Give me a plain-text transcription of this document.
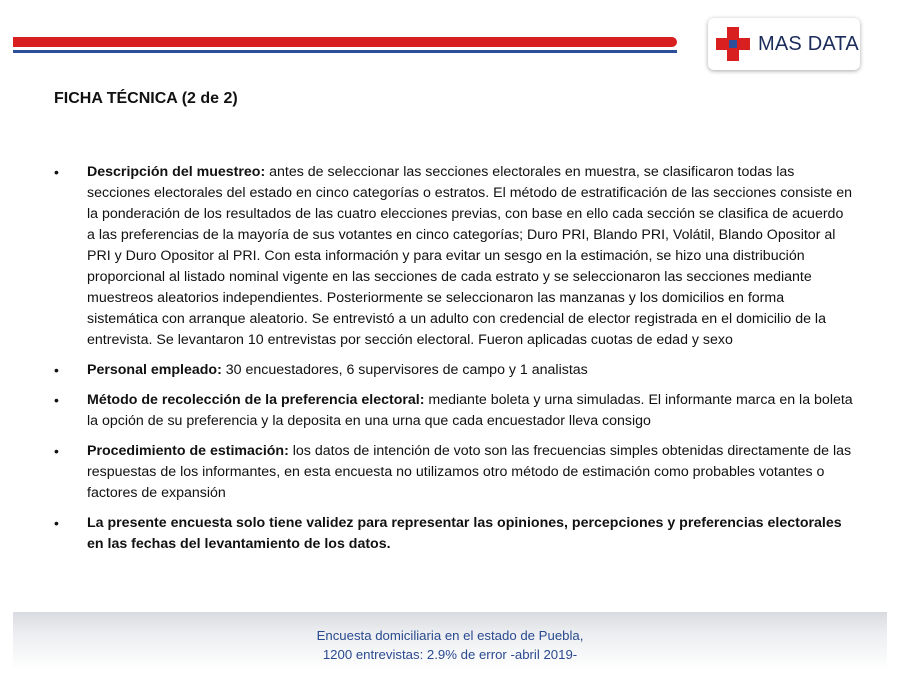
MAS DATA
FICHA TÉCNICA (2 de 2)
• Descripción del muestreo: antes de seleccionar las secciones electorales en muestra, se clasificaron todas las secciones electorales del estado en cinco categorías o estratos. El método de estratificación de las secciones consiste en la ponderación de los resultados de las cuatro elecciones previas, con base en ello cada sección se clasifica de acuerdo a las preferencias de la mayoría de sus votantes en cinco categorías; Duro PRI, Blando PRI, Volátil, Blando Opositor al PRI y Duro Opositor al PRI. Con esta información y para evitar un sesgo en la estimación, se hizo una distribución proporcional al listado nominal vigente en las secciones de cada estrato y se seleccionaron las secciones mediante muestreos aleatorios independientes. Posteriormente se seleccionaron las manzanas y los domicilios en forma sistemática con arranque aleatorio. Se entrevistó a un adulto con credencial de elector registrada en el domicilio de la entrevista. Se levantaron 10 entrevistas por sección electoral. Fueron aplicadas cuotas de edad y sexo
• Personal empleado: 30 encuestadores, 6 supervisores de campo y 1 analistas
• Método de recolección de la preferencia electoral: mediante boleta y urna simuladas. El informante marca en la boleta la opción de su preferencia y la deposita en una urna que cada encuestador lleva consigo
• Procedimiento de estimación: los datos de intención de voto son las frecuencias simples obtenidas directamente de las respuestas de los informantes, en esta encuesta no utilizamos otro método de estimación como probables votantes o factores de expansión
• La presente encuesta solo tiene validez para representar las opiniones, percepciones y preferencias electorales en las fechas del levantamiento de los datos.
Encuesta domiciliaria en el estado de Puebla,
1200 entrevistas: 2.9% de error -abril 2019-
